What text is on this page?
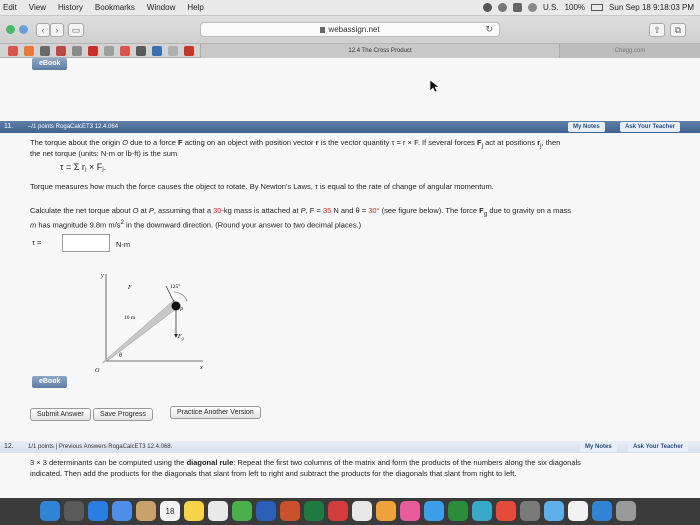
Edit View History Bookmarks Window Help	U.S. 100%	Sun Sep 18 9:18:03 PM
‹	›	▭	webassign.net	↻	⇧	⧉
12.4 The Cross Product	Chegg.com
eBook
11. –/1 points RogaCalcET3 12.4.064	My Notes	Ask Your Teacher
The torque about the origin O due to a force F acting on an object with position vector r is the vector quantity τ = r × F. If several forces $F_j$ act at positions $r_j$, then
the net torque (units: N-m or lb-ft) is the sum
τ = Σ rⱼ × Fⱼ.
Torque measures how much the force causes the object to rotate. By Newton's Laws, τ is equal to the rate of change of angular momentum.
Calculate the net torque about O at P, assuming that a 30-kg mass is attached at P, F = 35 N and θ = 30° (see figure below). The force $F_g$ due to gravity on a mass
m has magnitude 9.8m $m/s^2$ in the downward direction. (Round your answer to two decimal places.)
τ =	N-m
y
x
F	125°
P
10 m
$F_g$
θ
O
eBook
Submit Answer	Save Progress	Practice Another Version
12. 1/1 points | Previous Answers RogaCalcET3 12.4.068.	My Notes	Ask Your Teacher
3 × 3 determinants can be computed using the diagonal rule: Repeat the first two columns of the matrix and form the products of the numbers along the six diagonals
indicated. Then add the products for the diagonals that slant from left to right and subtract the products for the diagonals that slant from right to left.
18
